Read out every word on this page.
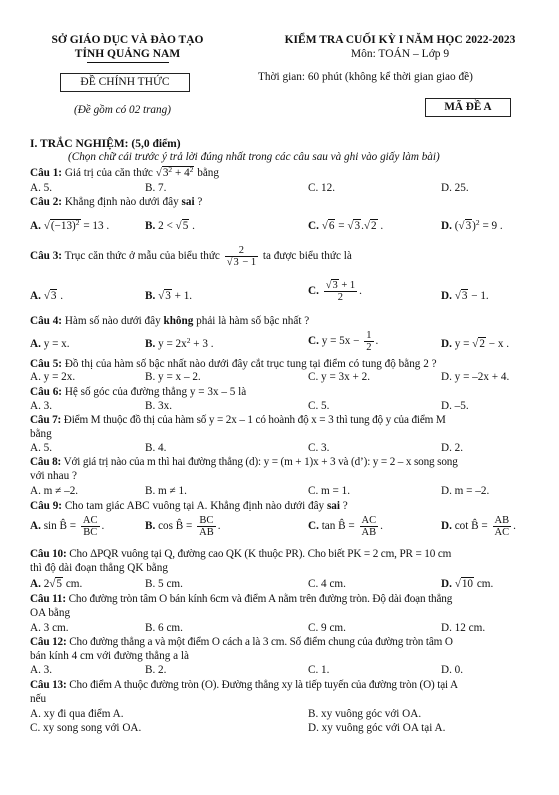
SỞ GIÁO DỤC VÀ ĐÀO TẠO
TỈNH QUẢNG NAM
KIỂM TRA CUỐI KỲ I NĂM HỌC 2022-2023
Môn: TOÁN – Lớp 9
ĐỀ CHÍNH THỨC	Thời gian: 60 phút (không kể thời gian giao đề)
(Đề gồm có 02 trang)	MÃ ĐỀ A
I. TRẮC NGHIỆM: (5,0 điểm)
(Chọn chữ cái trước ý trả lời đúng nhất trong các câu sau và ghi vào giấy làm bài)
Câu 1: Giá trị của căn thức $√3^2 + 4^2$ bằng
A. 5.	B. 7.	C. 12.	D. 25.
Câu 2: Khẳng định nào dưới đây sai ?
A. $√(-13)^2 = 13$ .	B. 2 < √5 .	C. √6 = √3.√2 .	D. $(√3)^2 = 9$ .
Câu 3: Trục căn thức ở mẫu của biểu thức $\frac{2}{√3 - 1}$ ta được biểu thức là
A. √3 .	B. √3 + 1.	C. $\frac{√3 + 1}{2}$ .	D. √3 − 1.
Câu 4: Hàm số nào dưới đây không phải là hàm số bậc nhất ?
A. y = x.	B. $y = 2x^2 + 3$ .	C. $y = 5x - \frac{1}{2}$ .	D. y = √2 − x .
Câu 5: Đồ thị của hàm số bậc nhất nào dưới đây cắt trục tung tại điểm có tung độ bằng 2 ?
A. y = 2x.	B. y = x – 2.	C. y = 3x + 2.	D. y = –2x + 4.
Câu 6: Hệ số góc của đường thẳng y = 3x – 5 là
A. 3.	B. 3x.	C. 5.	D. –5.
Câu 7: Điểm M thuộc đồ thị của hàm số y = 2x – 1 có hoành độ x = 3 thì tung độ y của điểm M
bằng
A. 5.	B. 4.	C. 3.	D. 2.
Câu 8: Với giá trị nào của m thì hai đường thẳng (d): y = (m + 1)x + 3 và (d’): y = 2 – x song song
với nhau ?
A. m ≠ –2.	B. m ≠ 1.	C. m = 1.	D. m = –2.
Câu 9: Cho tam giác ABC vuông tại A. Khẳng định nào dưới đây sai ?
A. sin B̂ = $\frac{AC}{BC}$ .	B. cos B̂ = $\frac{BC}{AB}$ .	C. tan B̂ = $\frac{AC}{AB}$ .	D. cot B̂ = $\frac{AB}{AC}$ .
Câu 10: Cho ΔPQR vuông tại Q, đường cao QK (K thuộc PR). Cho biết PK = 2 cm, PR = 10 cm
thì độ dài đoạn thẳng QK bằng
A. 2√5 cm.	B. 5 cm.	C. 4 cm.	D. √10 cm.
Câu 11: Cho đường tròn tâm O bán kính 6cm và điểm A nằm trên đường tròn. Độ dài đoạn thẳng
OA bằng
A. 3 cm.	B. 6 cm.	C. 9 cm.	D. 12 cm.
Câu 12: Cho đường thẳng a và một điểm O cách a là 3 cm. Số điểm chung của đường tròn tâm O
bán kính 4 cm với đường thẳng a là
A. 3.	B. 2.	C. 1.	D. 0.
Câu 13: Cho điểm A thuộc đường tròn (O). Đường thẳng xy là tiếp tuyến của đường tròn (O) tại A
nếu
A. xy đi qua điểm A.	B. xy vuông góc với OA.
C. xy song song với OA.	D. xy vuông góc với OA tại A.
